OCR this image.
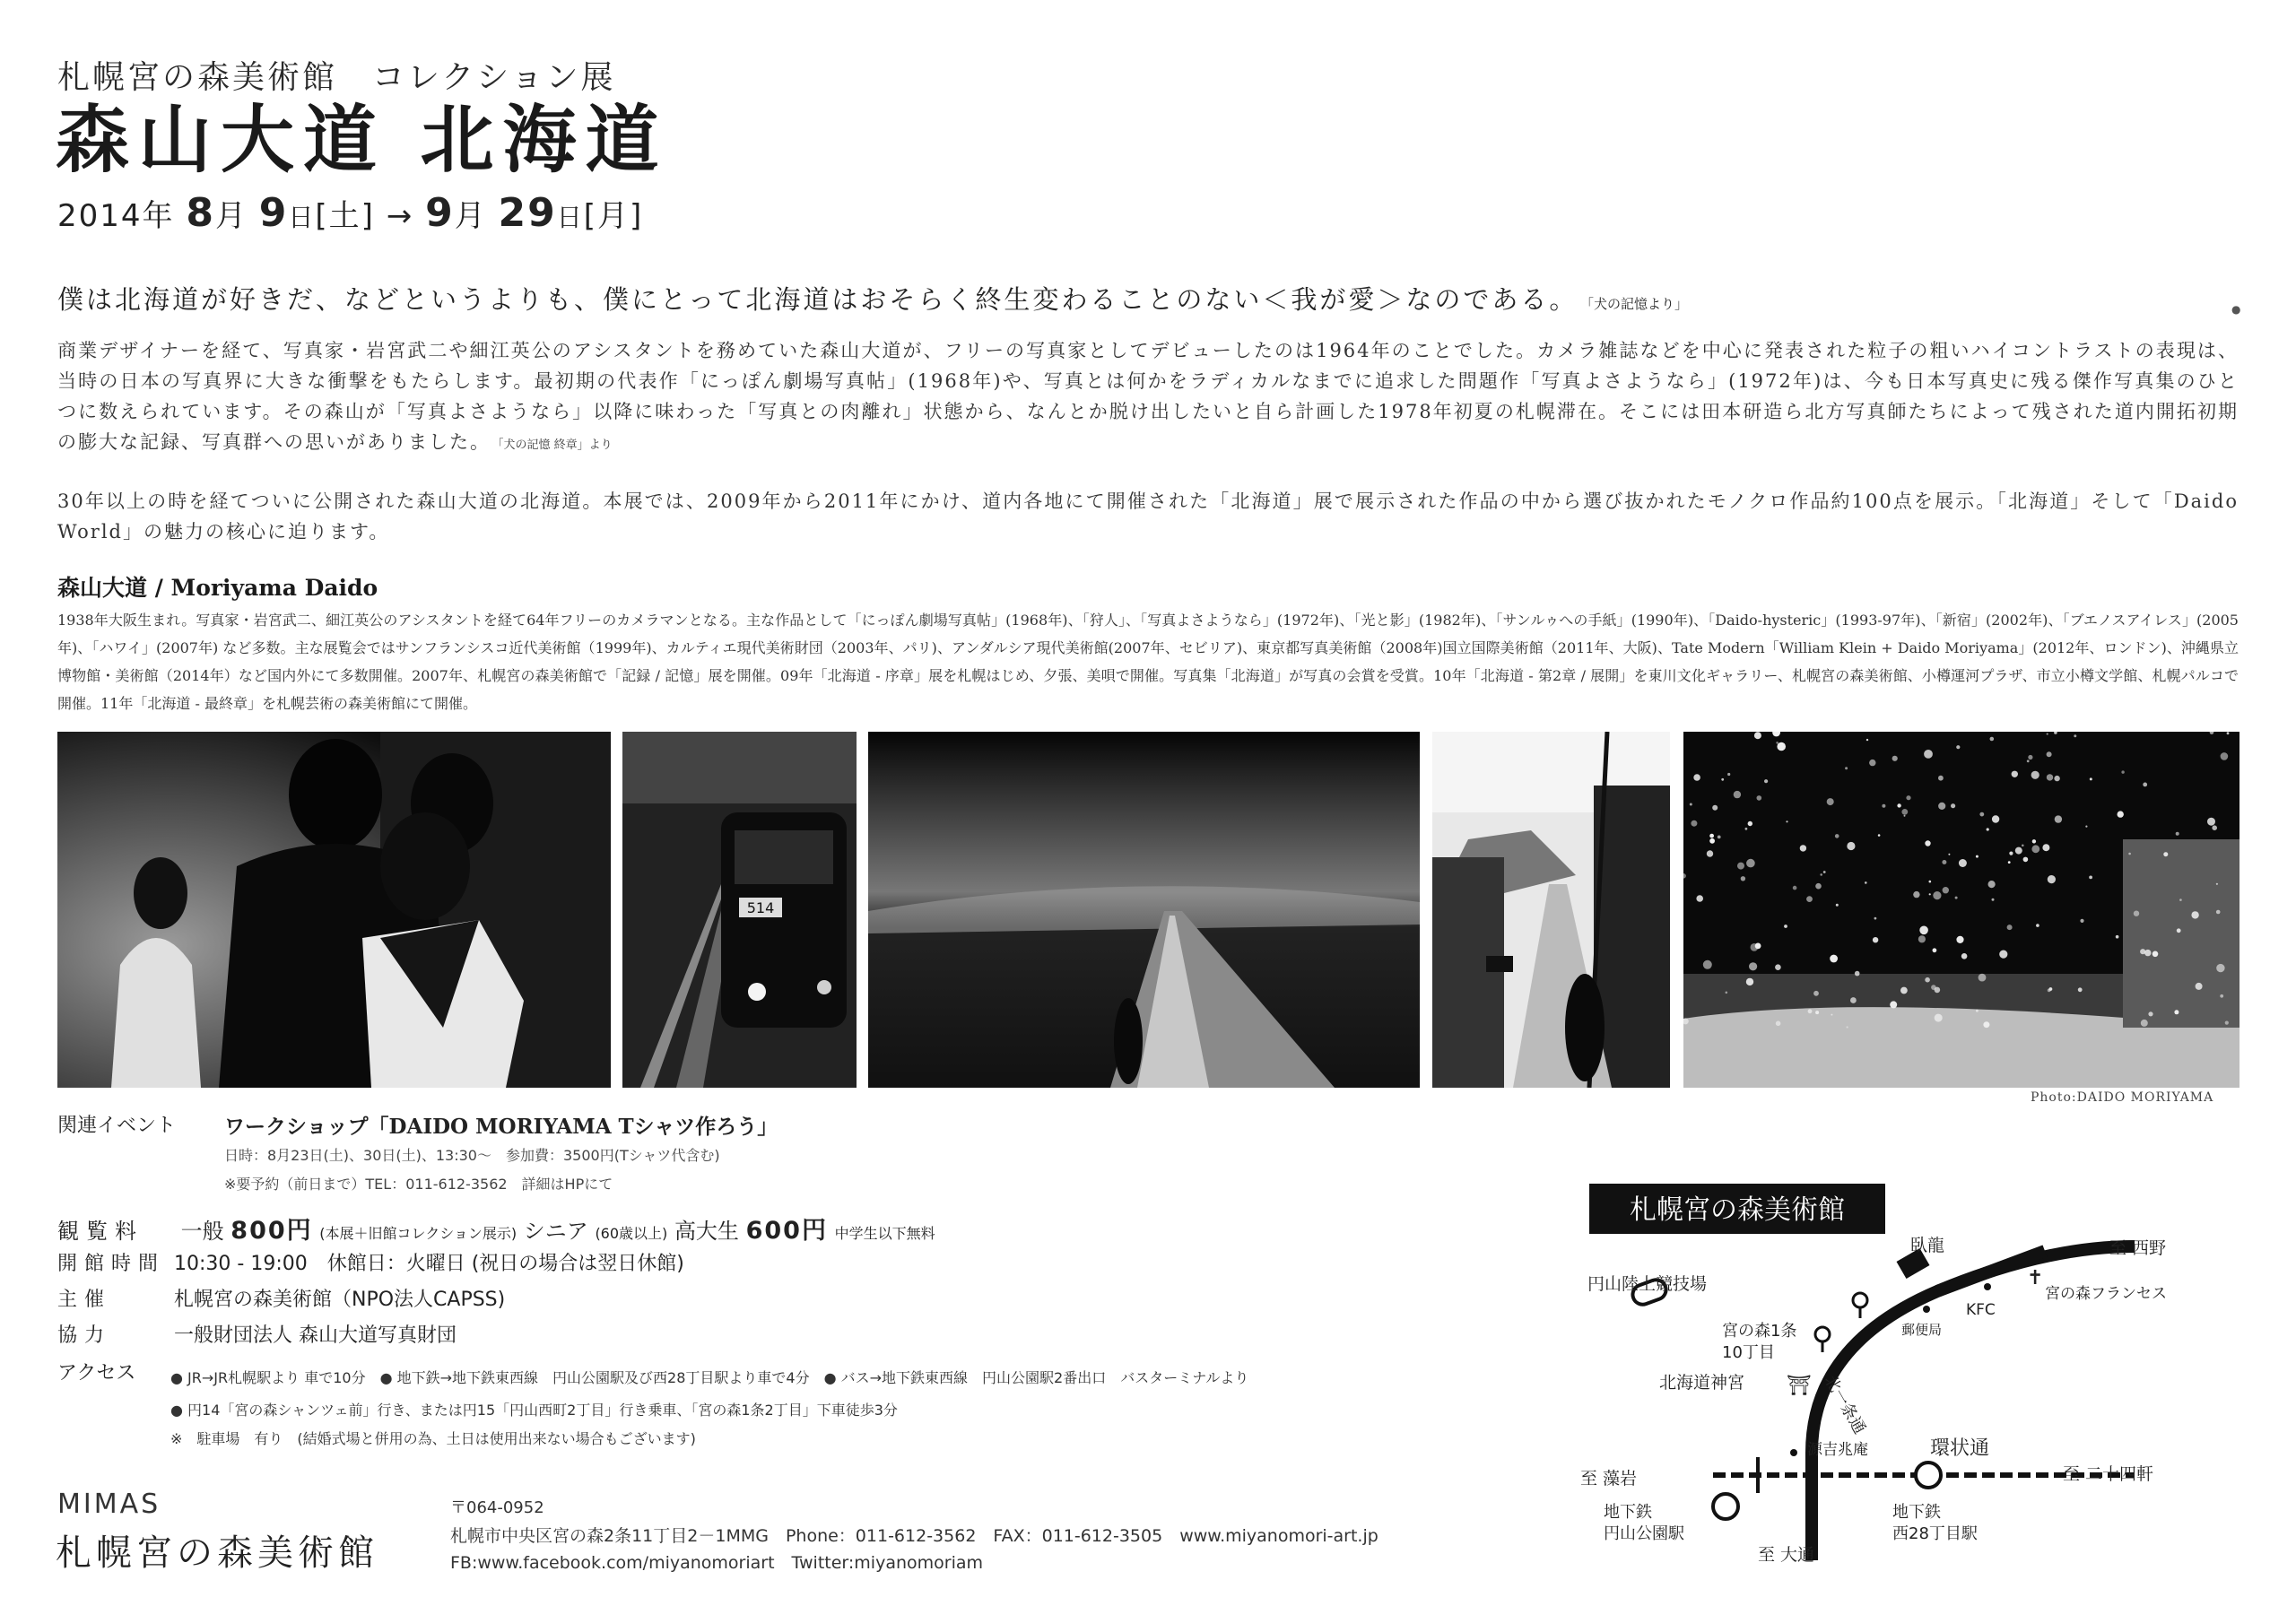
札幌宮の森美術館　コレクション展
森山大道 北海道
2014年 8月 9日[土] → 9月 29日[月]
僕は北海道が好きだ、などというよりも、僕にとって北海道はおそらく終生変わることのない＜我が愛＞なのである。 「犬の記憶より」	●
商業デザイナーを経て、写真家・岩宮武二や細江英公のアシスタントを務めていた森山大道が、フリーの写真家としてデビューしたのは1964年のことでした。カメラ雑誌などを中心に発表された粒子の粗いハイコントラストの表現は、当時の日本の写真界に大きな衝撃をもたらします。最初期の代表作「にっぽん劇場写真帖」(1968年)や、写真とは何かをラディカルなまでに追求した問題作「写真よさようなら」(1972年)は、今も日本写真史に残る傑作写真集のひとつに数えられています。その森山が「写真よさようなら」以降に味わった「写真との肉離れ」状態から、なんとか脱け出したいと自ら計画した1978年初夏の札幌滞在。そこには田本研造ら北方写真師たちによって残された道内開拓初期の膨大な記録、写真群への思いがありました。 「犬の記憶 終章」より
30年以上の時を経てついに公開された森山大道の北海道。本展では、2009年から2011年にかけ、道内各地にて開催された「北海道」展で展示された作品の中から選び抜かれたモノクロ作品約100点を展示。「北海道」そして「Daido World」の魅力の核心に迫ります。
森山大道 / Moriyama Daido
1938年大阪生まれ。写真家・岩宮武二、細江英公のアシスタントを経て64年フリーのカメラマンとなる。主な作品として「にっぽん劇場写真帖」(1968年)、「狩人」、「写真よさようなら」(1972年)、「光と影」(1982年)、「サンルゥへの手紙」(1990年)、「Daido-hysteric」(1993-97年)、「新宿」(2002年)、「ブエノスアイレス」(2005年)、「ハワイ」(2007年) など多数。主な展覧会ではサンフランシスコ近代美術館（1999年)、カルティエ現代美術財団（2003年、パリ)、アンダルシア現代美術館(2007年、セビリア)、東京都写真美術館（2008年)国立国際美術館（2011年、大阪)、Tate Modern「William Klein + Daido Moriyama」(2012年、ロンドン)、沖縄県立博物館・美術館（2014年）など国内外にて多数開催。2007年、札幌宮の森美術館で「記録 / 記憶」展を開催。09年「北海道 - 序章」展を札幌はじめ、夕張、美唄で開催。写真集「北海道」が写真の会賞を受賞。10年「北海道 - 第2章 / 展開」を東川文化ギャラリー、札幌宮の森美術館、小樽運河プラザ、市立小樽文学館、札幌パルコで開催。11年「北海道 - 最終章」を札幌芸術の森美術館にて開催。
514
Photo:DAIDO MORIYAMA
関連イベント ワークショップ「DAIDO MORIYAMA Tシャツ作ろう」
日時：8月23日(土)、30日(土)、13:30～　参加費：3500円(Tシャツ代含む)
※要予約（前日まで）TEL：011-612-3562　詳細はHPにて
観覧料 一般 800円 (本展＋旧館コレクション展示) シニア (60歳以上) 高大生 600円 中学生以下無料
開館時間 10:30 - 19:00　休館日：火曜日 (祝日の場合は翌日休館)
主催	札幌宮の森美術館（NPO法人CAPSS)
協力	一般財団法人 森山大道写真財団
アクセス ● JR→JR札幌駅より 車で10分　● 地下鉄→地下鉄東西線　円山公園駅及び西28丁目駅より車で4分　● バス→地下鉄東西線　円山公園駅2番出口　バスターミナルより
● 円14「宮の森シャンツェ前」行き、または円15「円山西町2丁目」行き乗車、「宮の森1条2丁目」下車徒歩3分
※　駐車場　有り　(結婚式場と併用の為、土日は使用出来ない場合もございます)
MIMAS
札幌宮の森美術館
〒064-0952
札幌市中央区宮の森2条11丁目2－1MMG　Phone：011-612-3562　FAX：011-612-3505　www.miyanomori-art.jp
FB:www.facebook.com/miyanomoriart　Twitter:miyanomoriam
札幌宮の森美術館
⛩
✝
円山陸上競技場
臥龍	至 西野
宮の森フランセス
KFC
郵便局
宮の森1条 10丁目
北一条通
北海道神宮
源吉兆庵	環状通
至 藻岩	至 二十四軒
地下鉄円山公園駅
地下鉄西28丁目駅
至 大通
